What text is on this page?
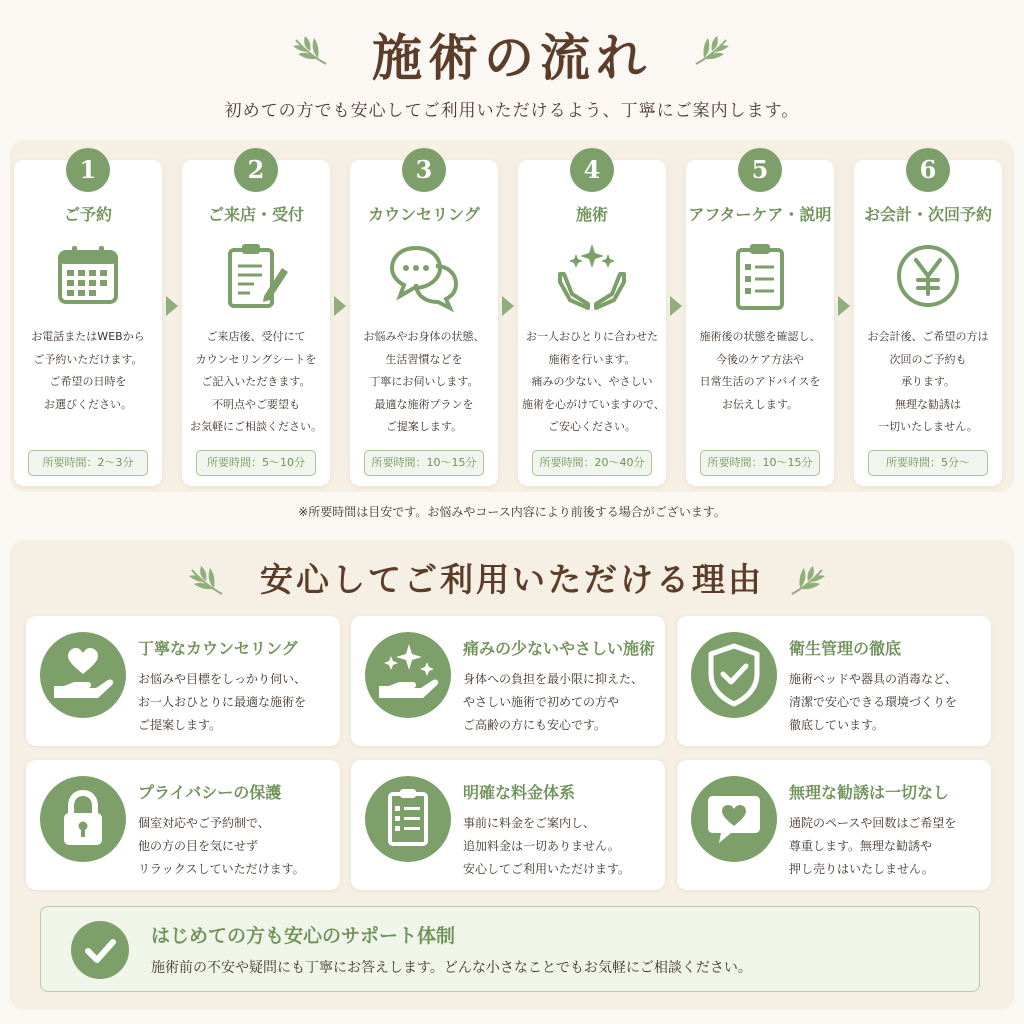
施術の流れ

初めての方でも安心してご利用いただけるよう、丁寧にご案内します。

1
ご予約
お電話またはWEBから
ご予約いただけます。
ご希望の日時を
お選びください。
所要時間：2〜3分
2
ご来店・受付
ご来店後、受付にて
カウンセリングシートを
ご記入いただきます。
不明点やご要望も
お気軽にご相談ください。
所要時間：5〜10分
3
カウンセリング
お悩みやお身体の状態、
生活習慣などを
丁寧にお伺いします。
最適な施術プランを
ご提案します。
所要時間：10〜15分
4
施術
お一人おひとりに合わせた
施術を行います。
痛みの少ない、やさしい
施術を心がけていますので、
ご安心ください。
所要時間：20〜40分
5
アフターケア・説明
施術後の状態を確認し、
今後のケア方法や
日常生活のアドバイスを
お伝えします。
所要時間：10〜15分
6
お会計・次回予約
お会計後、ご希望の方は
次回のご予約も
承ります。
無理な勧誘は
一切いたしません。
所要時間：5分〜

※所要時間は目安です。お悩みやコース内容により前後する場合がございます。

安心してご利用いただける理由
丁寧なカウンセリング
お悩みや目標をしっかり伺い、
お一人おひとりに最適な施術を
ご提案します。
痛みの少ないやさしい施術
身体への負担を最小限に抑えた、
やさしい施術で初めての方や
ご高齢の方にも安心です。
衛生管理の徹底
施術ベッドや器具の消毒など、
清潔で安心できる環境づくりを
徹底しています。
プライバシーの保護
個室対応やご予約制で、
他の方の目を気にせず
リラックスしていただけます。
明確な料金体系
事前に料金をご案内し、
追加料金は一切ありません。
安心してご利用いただけます。
無理な勧誘は一切なし
通院のペースや回数はご希望を
尊重します。無理な勧誘や
押し売りはいたしません。
はじめての方も安心のサポート体制
施術前の不安や疑問にも丁寧にお答えします。どんな小さなことでもお気軽にご相談ください。
